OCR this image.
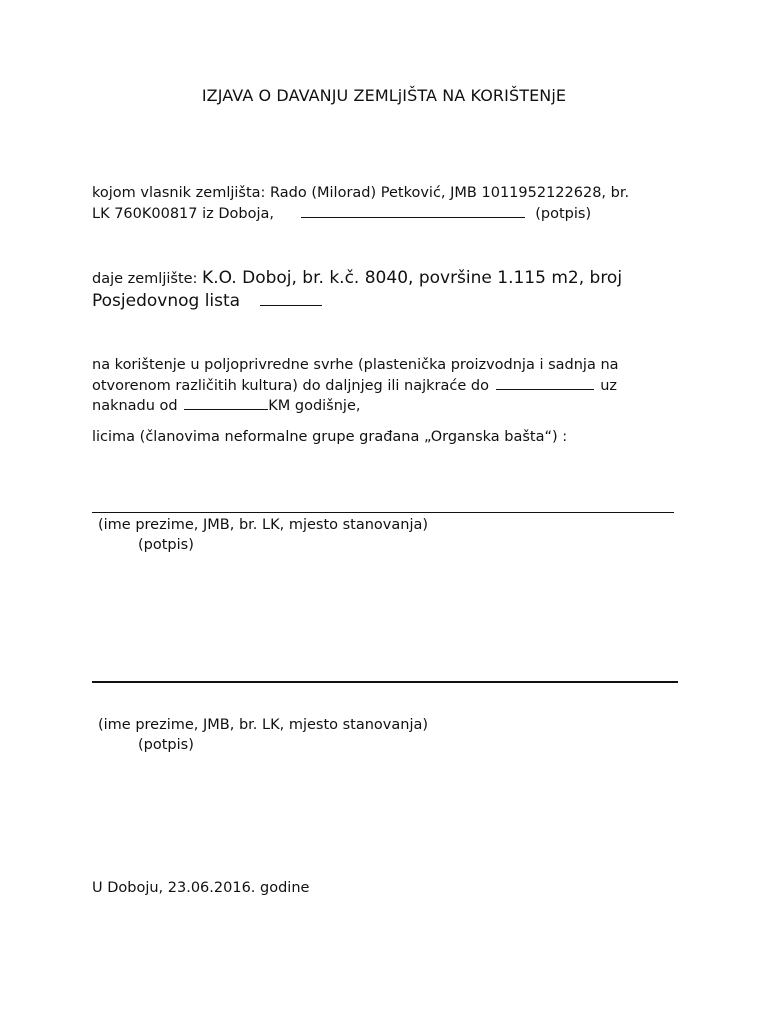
IZJAVA O DAVANJU ZEMLjIŠTA NA KORIŠTENjE
kojom vlasnik zemljišta: Rado (Milorad) Petković, JMB 1011952122628, br.
LK 760K00817 iz Doboja,	(potpis)
daje zemljište: K.O. Doboj, br. k.č. 8040, površine 1.115 m2, broj
Posjedovnog lista
na korištenje u poljoprivredne svrhe (plastenička proizvodnja i sadnja na
otvorenom različitih kultura) do daljnjeg ili najkraće do	uz
naknadu od	KM godišnje,
licima (članovima neformalne grupe građana „Organska bašta“) :
(ime prezime, JMB, br. LK, mjesto stanovanja)
(potpis)
(ime prezime, JMB, br. LK, mjesto stanovanja)
(potpis)
U Doboju, 23.06.2016. godine
